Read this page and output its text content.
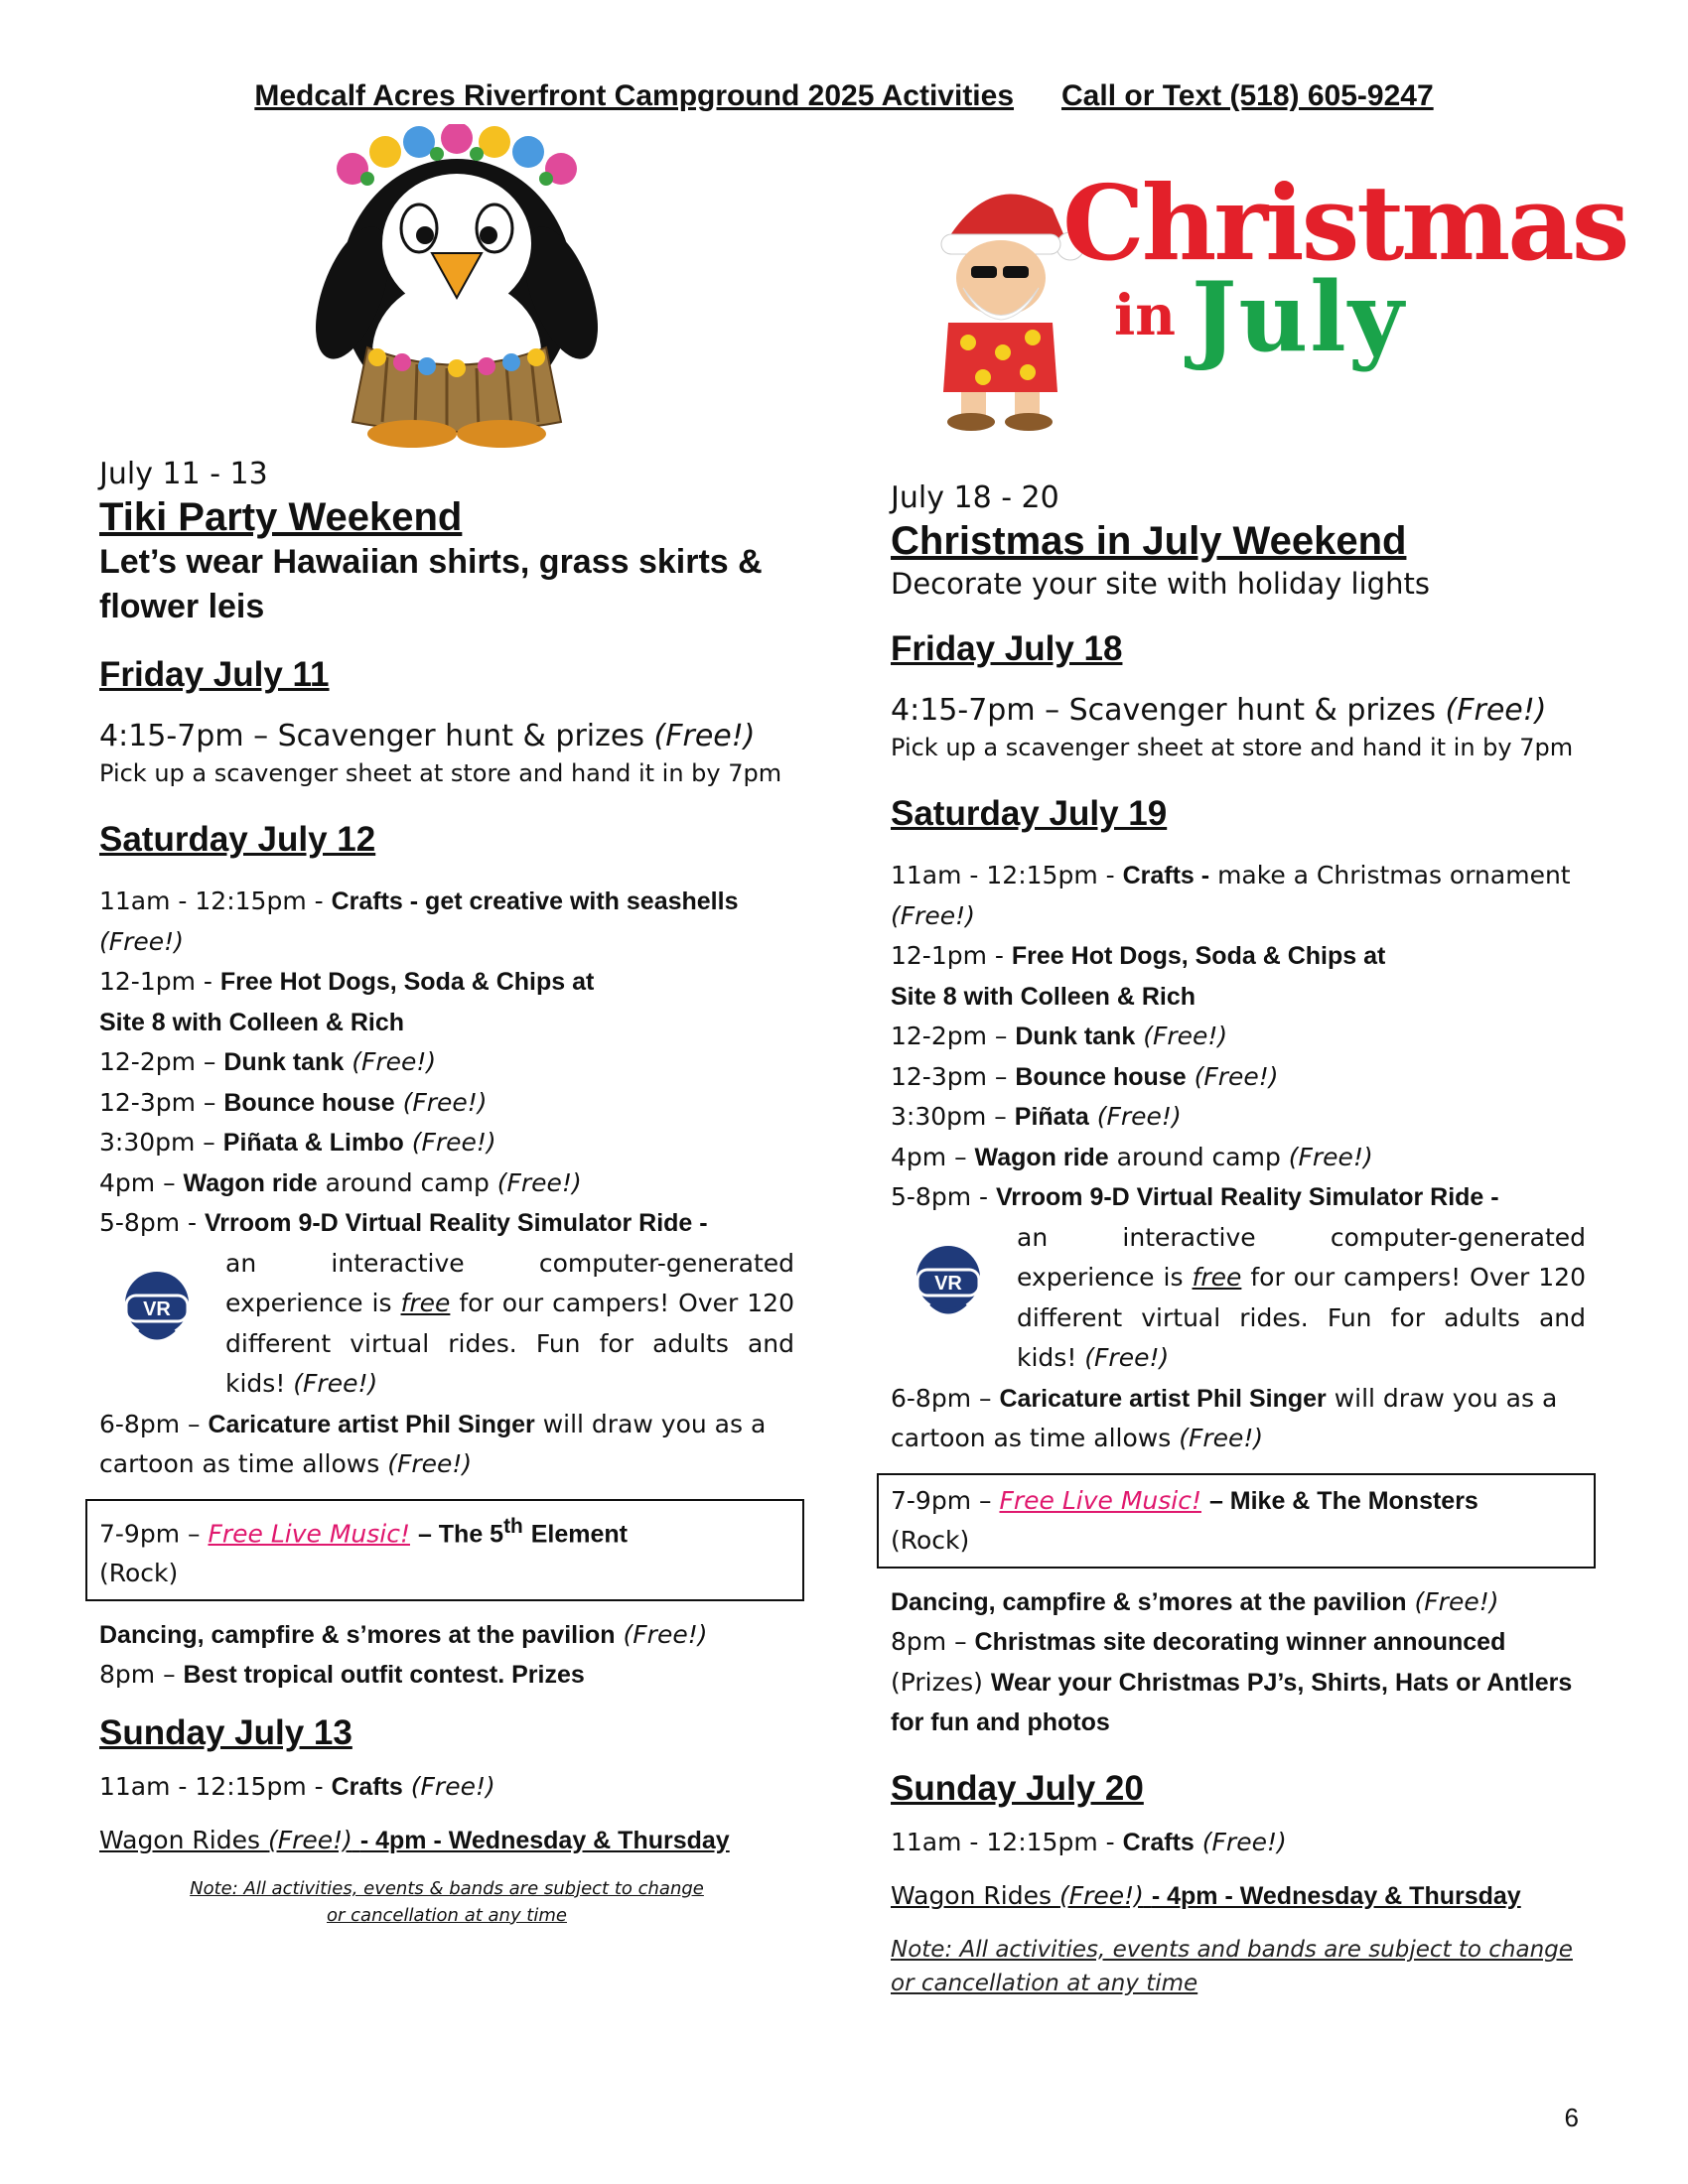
Medcalf Acres Riverfront Campground 2025 Activities Call or Text (518) 605-9247
Christmas
in July
July 11 - 13
Tiki Party Weekend
Let’s wear Hawaiian shirts, grass skirts & flower leis
Friday July 11
4:15-7pm – Scavenger hunt & prizes (Free!)
Pick up a scavenger sheet at store and hand it in by 7pm
Saturday July 12
11am - 12:15pm - Crafts - get creative with seashells (Free!)
12-1pm - Free Hot Dogs, Soda & Chips at
Site 8 with Colleen & Rich
12-2pm – Dunk tank (Free!)
12-3pm – Bounce house (Free!)
3:30pm – Piñata & Limbo (Free!)
4pm – Wagon ride around camp (Free!)
5-8pm - Vrroom 9-D Virtual Reality Simulator Ride -
VR
an interactive computer-generated experience is free for our campers! Over 120 different virtual rides. Fun for adults and kids! (Free!)
6-8pm – Caricature artist Phil Singer will draw you as a cartoon as time allows (Free!)
7-9pm – Free Live Music! – The 5th Element
(Rock)
Dancing, campfire & s’mores at the pavilion (Free!)
8pm – Best tropical outfit contest. Prizes
Sunday July 13
11am - 12:15pm - Crafts (Free!)
Wagon Rides (Free!) - 4pm - Wednesday & Thursday
Note: All activities, events & bands are subject to change
or cancellation at any time
July 18 - 20
Christmas in July Weekend
Decorate your site with holiday lights
Friday July 18
4:15-7pm – Scavenger hunt & prizes (Free!)
Pick up a scavenger sheet at store and hand it in by 7pm
Saturday July 19
11am - 12:15pm - Crafts - make a Christmas ornament (Free!)
12-1pm - Free Hot Dogs, Soda & Chips at
Site 8 with Colleen & Rich
12-2pm – Dunk tank (Free!)
12-3pm – Bounce house (Free!)
3:30pm – Piñata (Free!)
4pm – Wagon ride around camp (Free!)
5-8pm - Vrroom 9-D Virtual Reality Simulator Ride -
VR
an interactive computer-generated experience is free for our campers! Over 120 different virtual rides. Fun for adults and kids! (Free!)
6-8pm – Caricature artist Phil Singer will draw you as a cartoon as time allows (Free!)
7-9pm – Free Live Music! – Mike & The Monsters
(Rock)
Dancing, campfire & s’mores at the pavilion (Free!)
8pm – Christmas site decorating winner announced (Prizes) Wear your Christmas PJ’s, Shirts, Hats or Antlers for fun and photos
Sunday July 20
11am - 12:15pm - Crafts (Free!)
Wagon Rides (Free!) - 4pm - Wednesday & Thursday
Note: All activities, events and bands are subject to change or cancellation at any time
6
